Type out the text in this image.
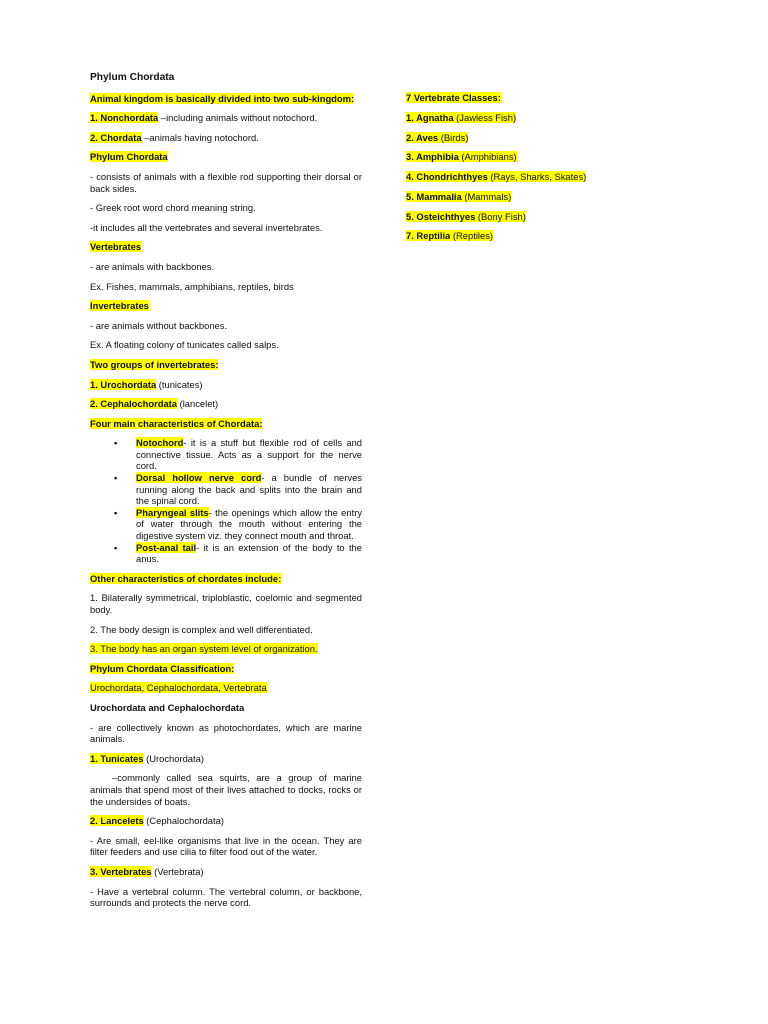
Phylum Chordata

Animal kingdom is basically divided into two sub-kingdom:

1. Nonchordata –including animals without notochord.

2. Chordata –animals having notochord.

Phylum Chordata

- consists of animals with a flexible rod supporting their dorsal or back sides.

- Greek root word chord meaning string.

-it includes all the vertebrates and several invertebrates.

Vertebrates

- are animals with backbones.

Ex. Fishes, mammals, amphibians, reptiles, birds

Invertebrates

- are animals without backbones.

Ex. A floating colony of tunicates called salps.

Two groups of invertebrates:

1. Urochordata (tunicates)

2. Cephalochordata (lancelet)

Four main characteristics of Chordata:

• Notochord- it is a stuff but flexible rod of cells and connective tissue. Acts as a support for the nerve cord.
• Dorsal hollow nerve cord- a bundle of nerves running along the back and splits into the brain and the spinal cord.
• Pharyngeal slits- the openings which allow the entry of water through the mouth without entering the digestive system viz. they connect mouth and throat.
• Post-anal tail- it is an extension of the body to the anus.

Other characteristics of chordates include:

1. Bilaterally symmetrical, triploblastic, coelomic and segmented body.

2. The body design is complex and well differentiated.

3. The body has an organ system level of organization.

Phylum Chordata Classification:

Urochordata, Cephalochordata, Vertebrata

Urochordata and Cephalochordata

- are collectively known as photochordates, which are marine animals.

1. Tunicates (Urochordata)

–commonly called sea squirts, are a group of marine animals that spend most of their lives attached to docks, rocks or the undersides of boats.

2. Lancelets (Cephalochordata)

- Are small, eel-like organisms that live in the ocean. They are filter feeders and use cilia to filter food out of the water.

3. Vertebrates (Vertebrata)

- Have a vertebral column. The vertebral column, or backbone, surrounds and protects the nerve cord.

7 Vertebrate Classes:

1. Agnatha (Jawless Fish)

2. Aves (Birds)

3. Amphibia (Amphibians)

4. Chondrichthyes (Rays, Sharks, Skates)

5. Mammalia (Mammals)

5. Osteichthyes (Bony Fish)

7. Reptilia (Reptiles)
